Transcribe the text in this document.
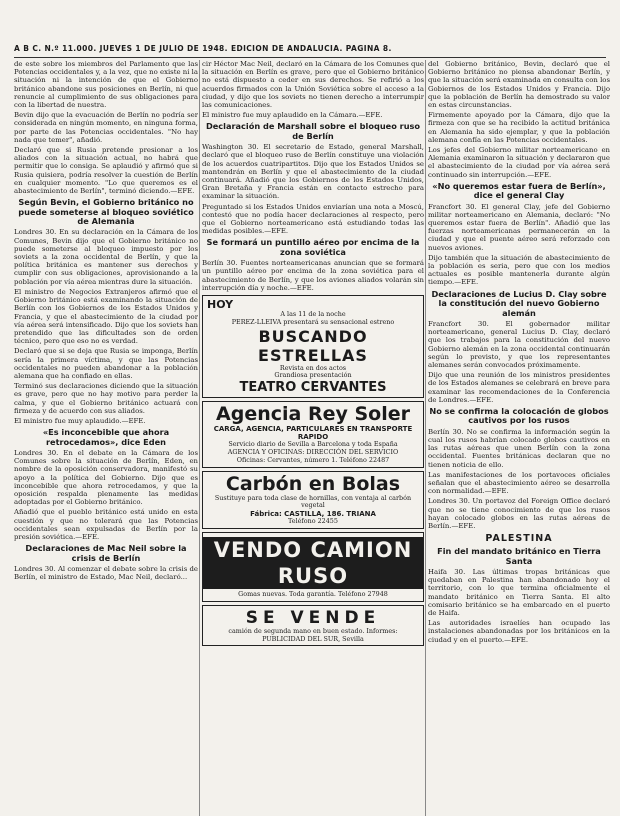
A B C. N.º 11.000. JUEVES 1 DE JULIO DE 1948. EDICION DE ANDALUCIA. PAGINA 8.

de este sobre los miembros del Parlamento que las Potencias occidentales y, a la vez, que no existe ni la situación ni la intención de que el Gobierno británico abandone sus posiciones en Berlín, ni que renuncie al cumplimiento de sus obligaciones para con la libertad de nuestra.

Bevin dijo que la evacuación de Berlín no podría ser considerada en ningún momento, en ninguna forma, por parte de las Potencias occidentales. "No hay nada que temer", añadió.

Declaró que si Rusia pretende presionar a los aliados con la situación actual, no habrá que permitir que lo consiga. Se aplaudió y afirmó que si Rusia quisiera, podría resolver la cuestión de Berlín en cualquier momento. "Lo que queremos es el abastecimiento de Berlín", terminó diciendo.—EFE.

Según Bevin, el Gobierno británico no puede someterse al bloqueo soviético de Alemania

Londres 30. En su declaración en la Cámara de los Comunes, Bevin dijo que el Gobierno británico no puede someterse al bloqueo impuesto por los soviets a la zona occidental de Berlín, y que la política británica es mantener sus derechos y cumplir con sus obligaciones, aprovisionando a la población por vía aérea mientras dure la situación.

El ministro de Negocios Extranjeros afirmó que el Gobierno británico está examinando la situación de Berlín con los Gobiernos de los Estados Unidos y Francia, y que el abastecimiento de la ciudad por vía aérea será intensificado. Dijo que los soviets han pretendido que las dificultades son de orden técnico, pero que eso no es verdad.

Declaró que si se deja que Rusia se imponga, Berlín sería la primera víctima, y que las Potencias occidentales no pueden abandonar a la población alemana que ha confiado en ellas.

Terminó sus declaraciones diciendo que la situación es grave, pero que no hay motivo para perder la calma, y que el Gobierno británico actuará con firmeza y de acuerdo con sus aliados.

El ministro fue muy aplaudido.—EFE.

«Es inconcebible que ahora retrocedamos», dice Eden

Londres 30. En el debate en la Cámara de los Comunes sobre la situación de Berlín, Eden, en nombre de la oposición conservadora, manifestó su apoyo a la política del Gobierno. Dijo que es inconcebible que ahora retrocedamos, y que la oposición respalda plenamente las medidas adoptadas por el Gobierno británico.

Añadió que el pueblo británico está unido en esta cuestión y que no tolerará que las Potencias occidentales sean expulsadas de Berlín por la presión soviética.—EFE.

Declaraciones de Mac Neil sobre la crisis de Berlín

Londres 30. Al comenzar el debate sobre la crisis de Berlín, el ministro de Estado, Mac Neil, declaró...

cir Héctor Mac Neil, declaró en la Cámara de los Comunes que la situación en Berlín es grave, pero que el Gobierno británico no está dispuesto a ceder en sus derechos. Se refirió a los acuerdos firmados con la Unión Soviética sobre el acceso a la ciudad, y dijo que los soviets no tienen derecho a interrumpir las comunicaciones.

El ministro fue muy aplaudido en la Cámara.—EFE.

Declaración de Marshall sobre el bloqueo ruso de Berlín

Washington 30. El secretario de Estado, general Marshall, declaró que el bloqueo ruso de Berlín constituye una violación de los acuerdos cuatripartitos. Dijo que los Estados Unidos se mantendrán en Berlín y que el abastecimiento de la ciudad continuará. Añadió que los Gobiernos de los Estados Unidos, Gran Bretaña y Francia están en contacto estrecho para examinar la situación.

Preguntado si los Estados Unidos enviarían una nota a Moscú, contestó que no podía hacer declaraciones al respecto, pero que el Gobierno norteamericano está estudiando todas las medidas posibles.—EFE.

Se formará un puntillo aéreo por encima de la zona soviética

Berlín 30. Fuentes norteamericanas anuncian que se formará un puntillo aéreo por encima de la zona soviética para el abastecimiento de Berlín, y que los aviones aliados volarán sin interrupción día y noche.—EFE.

HOY
A las 11 de la noche
PEREZ-LLEIVA presentará su sensacional estreno
BUSCANDO ESTRELLAS
Revista en dos actos
Grandiosa presentación
TEATRO CERVANTES
Agencia Rey Soler
CARGA, AGENCIA, PARTICULARES EN TRANSPORTE RAPIDO
Servicio diario de Sevilla a Barcelona y toda España
AGENCIA Y OFICINAS: DIRECCIÓN DEL SERVICIO
Oficinas: Cervantes, número 1. Teléfono 22487
Carbón en Bolas
Sustituye para toda clase de hornillas, con ventaja al carbón vegetal
Fábrica: CASTILLA, 186. TRIANA
Teléfono 22455
VENDO CAMION RUSO
Gomas nuevas. Toda garantía. Teléfono 27948
SE VENDE
camión de segunda mano en buen estado. Informes: PUBLICIDAD DEL SUR, Sevilla

del Gobierno británico, Bevin, declaró que el Gobierno británico no piensa abandonar Berlín, y que la situación será examinada en consulta con los Gobiernos de los Estados Unidos y Francia. Dijo que la población de Berlín ha demostrado su valor en estas circunstancias.

Firmemente apoyado por la Cámara, dijo que la firmeza con que se ha recibido la actitud británica en Alemania ha sido ejemplar, y que la población alemana confía en las Potencias occidentales.

Los jefes del Gobierno militar norteamericano en Alemania examinaron la situación y declararon que el abastecimiento de la ciudad por vía aérea será continuado sin interrupción.—EFE.

«No queremos estar fuera de Berlín», dice el general Clay

Francfort 30. El general Clay, jefe del Gobierno militar norteamericano en Alemania, declaró: "No queremos estar fuera de Berlín". Añadió que las fuerzas norteamericanas permanecerán en la ciudad y que el puente aéreo será reforzado con nuevos aviones.

Dijo también que la situación de abastecimiento de la población es seria, pero que con los medios actuales es posible mantenerla durante algún tiempo.—EFE.

Declaraciones de Lucius D. Clay sobre la constitución del nuevo Gobierno alemán

Francfort 30. El gobernador militar norteamericano, general Lucius D. Clay, declaró que los trabajos para la constitución del nuevo Gobierno alemán en la zona occidental continuarán según lo previsto, y que los representantes alemanes serán convocados próximamente.

Dijo que una reunión de los ministros presidentes de los Estados alemanes se celebrará en breve para examinar las recomendaciones de la Conferencia de Londres.—EFE.

No se confirma la colocación de globos cautivos por los rusos

Berlín 30. No se confirma la información según la cual los rusos habrían colocado globos cautivos en las rutas aéreas que unen Berlín con la zona occidental. Fuentes británicas declaran que no tienen noticia de ello.

Las manifestaciones de los portavoces oficiales señalan que el abastecimiento aéreo se desarrolla con normalidad.—EFE.

Londres 30. Un portavoz del Foreign Office declaró que no se tiene conocimiento de que los rusos hayan colocado globos en las rutas aéreas de Berlín.—EFE.

PALESTINA
Fin del mandato británico en Tierra Santa

Haifa 30. Las últimas tropas británicas que quedaban en Palestina han abandonado hoy el territorio, con lo que termina oficialmente el mandato británico en Tierra Santa. El alto comisario británico se ha embarcado en el puerto de Haifa.

Las autoridades israelíes han ocupado las instalaciones abandonadas por los británicos en la ciudad y en el puerto.—EFE.
